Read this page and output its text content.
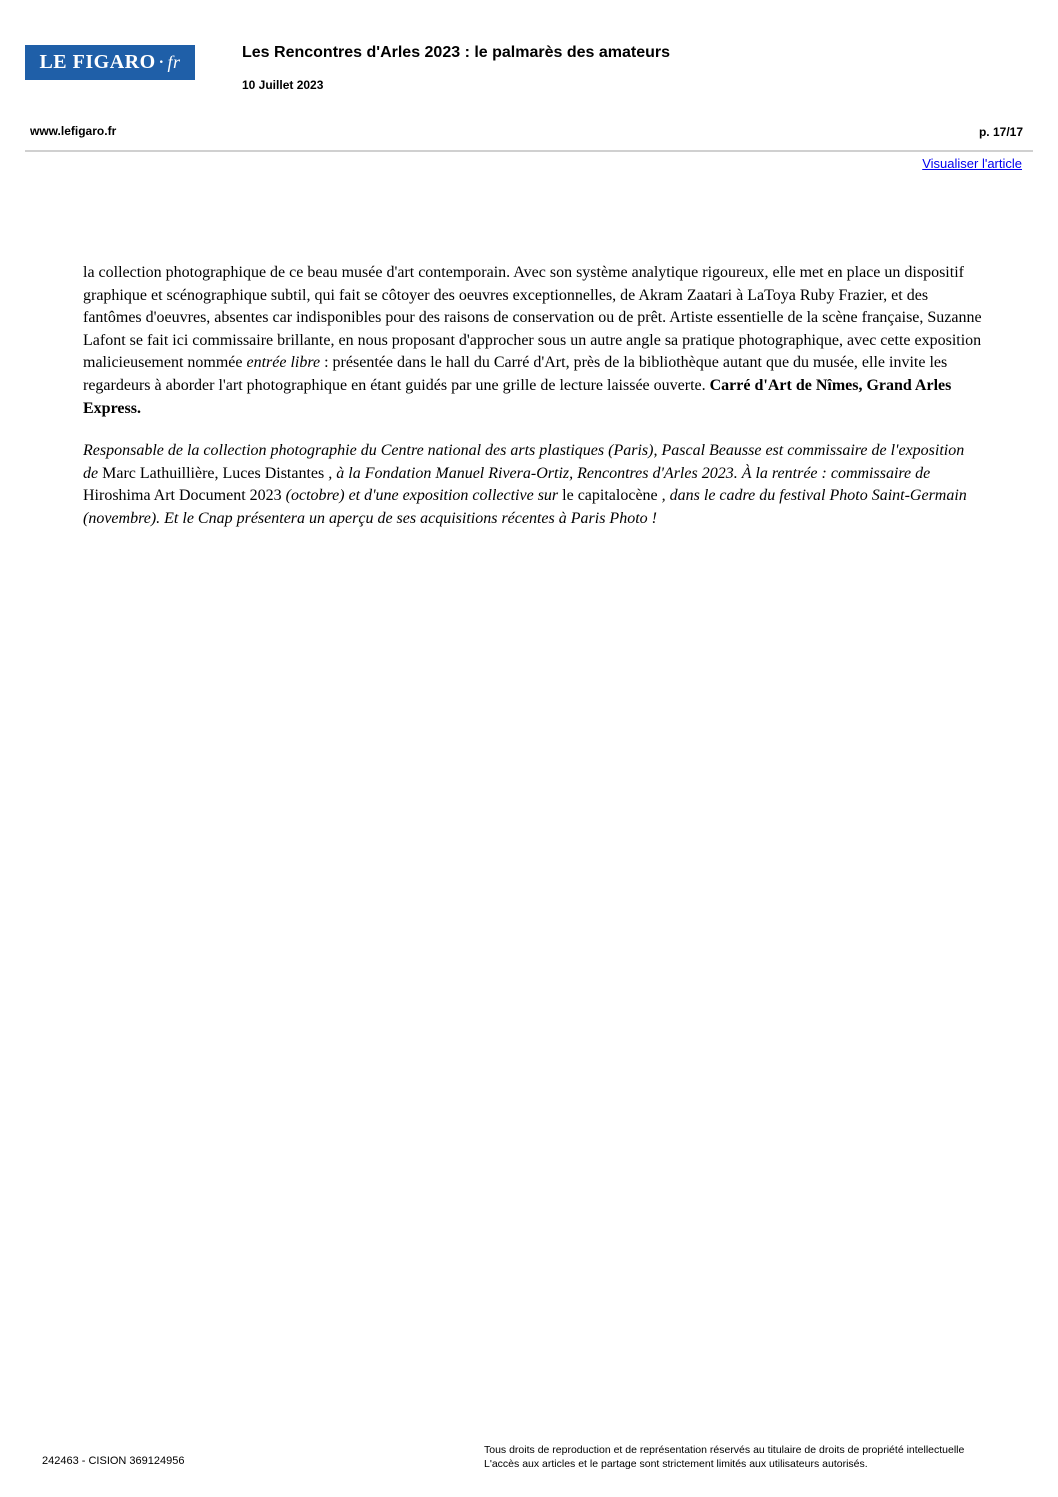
LE FIGARO · fr	Les Rencontres d'Arles 2023 : le palmarès des amateurs
10 Juillet 2023
www.lefigaro.fr	p. 17/17
Visualiser l'article
la collection photographique de ce beau musée d'art contemporain. Avec son système analytique rigoureux, elle met en place un dispositif graphique et scénographique subtil, qui fait se côtoyer des oeuvres exceptionnelles, de Akram Zaatari à LaToya Ruby Frazier, et des fantômes d'oeuvres, absentes car indisponibles pour des raisons de conservation ou de prêt. Artiste essentielle de la scène française, Suzanne Lafont se fait ici commissaire brillante, en nous proposant d'approcher sous un autre angle sa pratique photographique, avec cette exposition malicieusement nommée entrée libre : présentée dans le hall du Carré d'Art, près de la bibliothèque autant que du musée, elle invite les regardeurs à aborder l'art photographique en étant guidés par une grille de lecture laissée ouverte. Carré d'Art de Nîmes, Grand Arles Express.
Responsable de la collection photographie du Centre national des arts plastiques (Paris), Pascal Beausse est commissaire de l'exposition de Marc Lathuillière, Luces Distantes , à la Fondation Manuel Rivera-Ortiz, Rencontres d'Arles 2023. À la rentrée : commissaire de Hiroshima Art Document 2023 (octobre) et d'une exposition collective sur le capitalocène , dans le cadre du festival Photo Saint-Germain (novembre). Et le Cnap présentera un aperçu de ses acquisitions récentes à Paris Photo !
242463 - CISION 369124956
Tous droits de reproduction et de représentation réservés au titulaire de droits de propriété intellectuelle
L'accès aux articles et le partage sont strictement limités aux utilisateurs autorisés.
